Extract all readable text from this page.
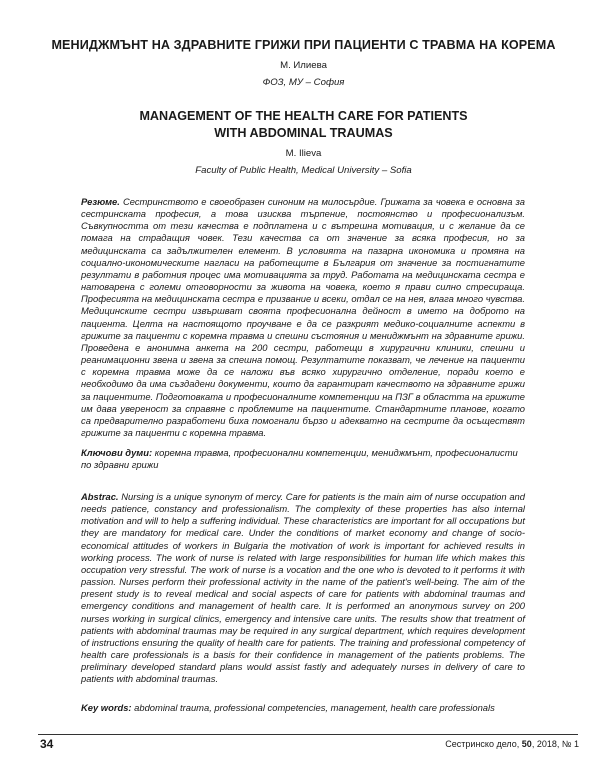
МЕНИДЖМЪНТ НА ЗДРАВНИТЕ ГРИЖИ ПРИ ПАЦИЕНТИ С ТРАВМА НА КОРЕМА
М. Илиева
ФОЗ, МУ – София
MANAGEMENT OF THE HEALTH CARE FOR PATIENTS
WITH ABDOMINAL TRAUMAS
M. Ilieva
Faculty of Public Health, Medical University – Sofia
Резюме. Сестринството е своеобразен синоним на милосърдие. Грижата за човека е основна за сестринската професия, а това изисква търпение, постоянство и професионализъм. Съвкупността от тези качества е подплатена и с вътрешна мотивация, и с желание да се помага на страдащия човек. Тези качества са от значение за всяка професия, но за медицинската са задължителен елемент. В условията на пазарна икономика и промяна на социално-икономическите нагласи на работещите в България от значение за постигнатите резултати в работния процес има мотивацията за труд. Работата на медицинската сестра е натоварена с големи отговорности за живота на човека, което я прави силно стресираща. Професията на медицинската сестра е призвание и всеки, отдал се на нея, влага много чувства. Медицинските сестри извършват своята професионална дейност в името на доброто на пациента. Целта на настоящото проучване е да се разкрият медико-социалните аспекти в грижите за пациенти с коремна травма и спешни състояния и мениджмънт на здравните грижи. Проведена е анонимна анкета на 200 сестри, работещи в хирургични клиники, спешни и реанимационни звена и звена за спешна помощ. Резултатите показват, че лечение на пациенти с коремна травма може да се наложи във всяко хирургично отделение, поради което е необходимо да има създадени документи, които да гарантират качеството на здравните грижи за пациентите. Подготовката и професионалните компетенции на ПЗГ в областта на грижите им дава увереност за справяне с проблемите на пациентите. Стандартните планове, когато са предварително разработени биха помогнали бързо и адекватно на сестрите да осъществят грижите за пациенти с коремна травма.
Ключови думи: коремна травма, професионални компетенции, мениджмънт, професионалисти по здравни грижи
Abstrac. Nursing is a unique synonym of mercy. Care for patients is the main aim of nurse occupation and needs patience, constancy and professionalism. The complexity of these properties has also internal motivation and will to help a suffering individual. These characteristics are important for all occupations but they are mandatory for medical care. Under the conditions of market economy and change of socio-economical attitudes of workers in Bulgaria the motivation of work is important for achieved results in working process. The work of nurse is related with large responsibilities for human life which makes this occupation very stressful. The work of nurse is a vocation and the one who is devoted to it performs it with passion. Nurses perform their professional activity in the name of the patient's well-being. The aim of the present study is to reveal medical and social aspects of care for patients with abdominal traumas and emergency conditions and management of health care. It is performed an anonymous survey on 200 nurses working in surgical clinics, emergency and intensive care units. The results show that treatment of patients with abdominal traumas may be required in any surgical department, which requires development of instructions ensuring the quality of health care for patients. The training and professional competency of health care professionals is a basis for their confidence in management of the patients problems. The preliminary developed standard plans would assist fastly and adequately nurses in delivery of care to patients with abdominal traumas.
Key words: abdominal trauma, professional competencies, management, health care professionals
34	Сестринско дело, 50, 2018, № 1
